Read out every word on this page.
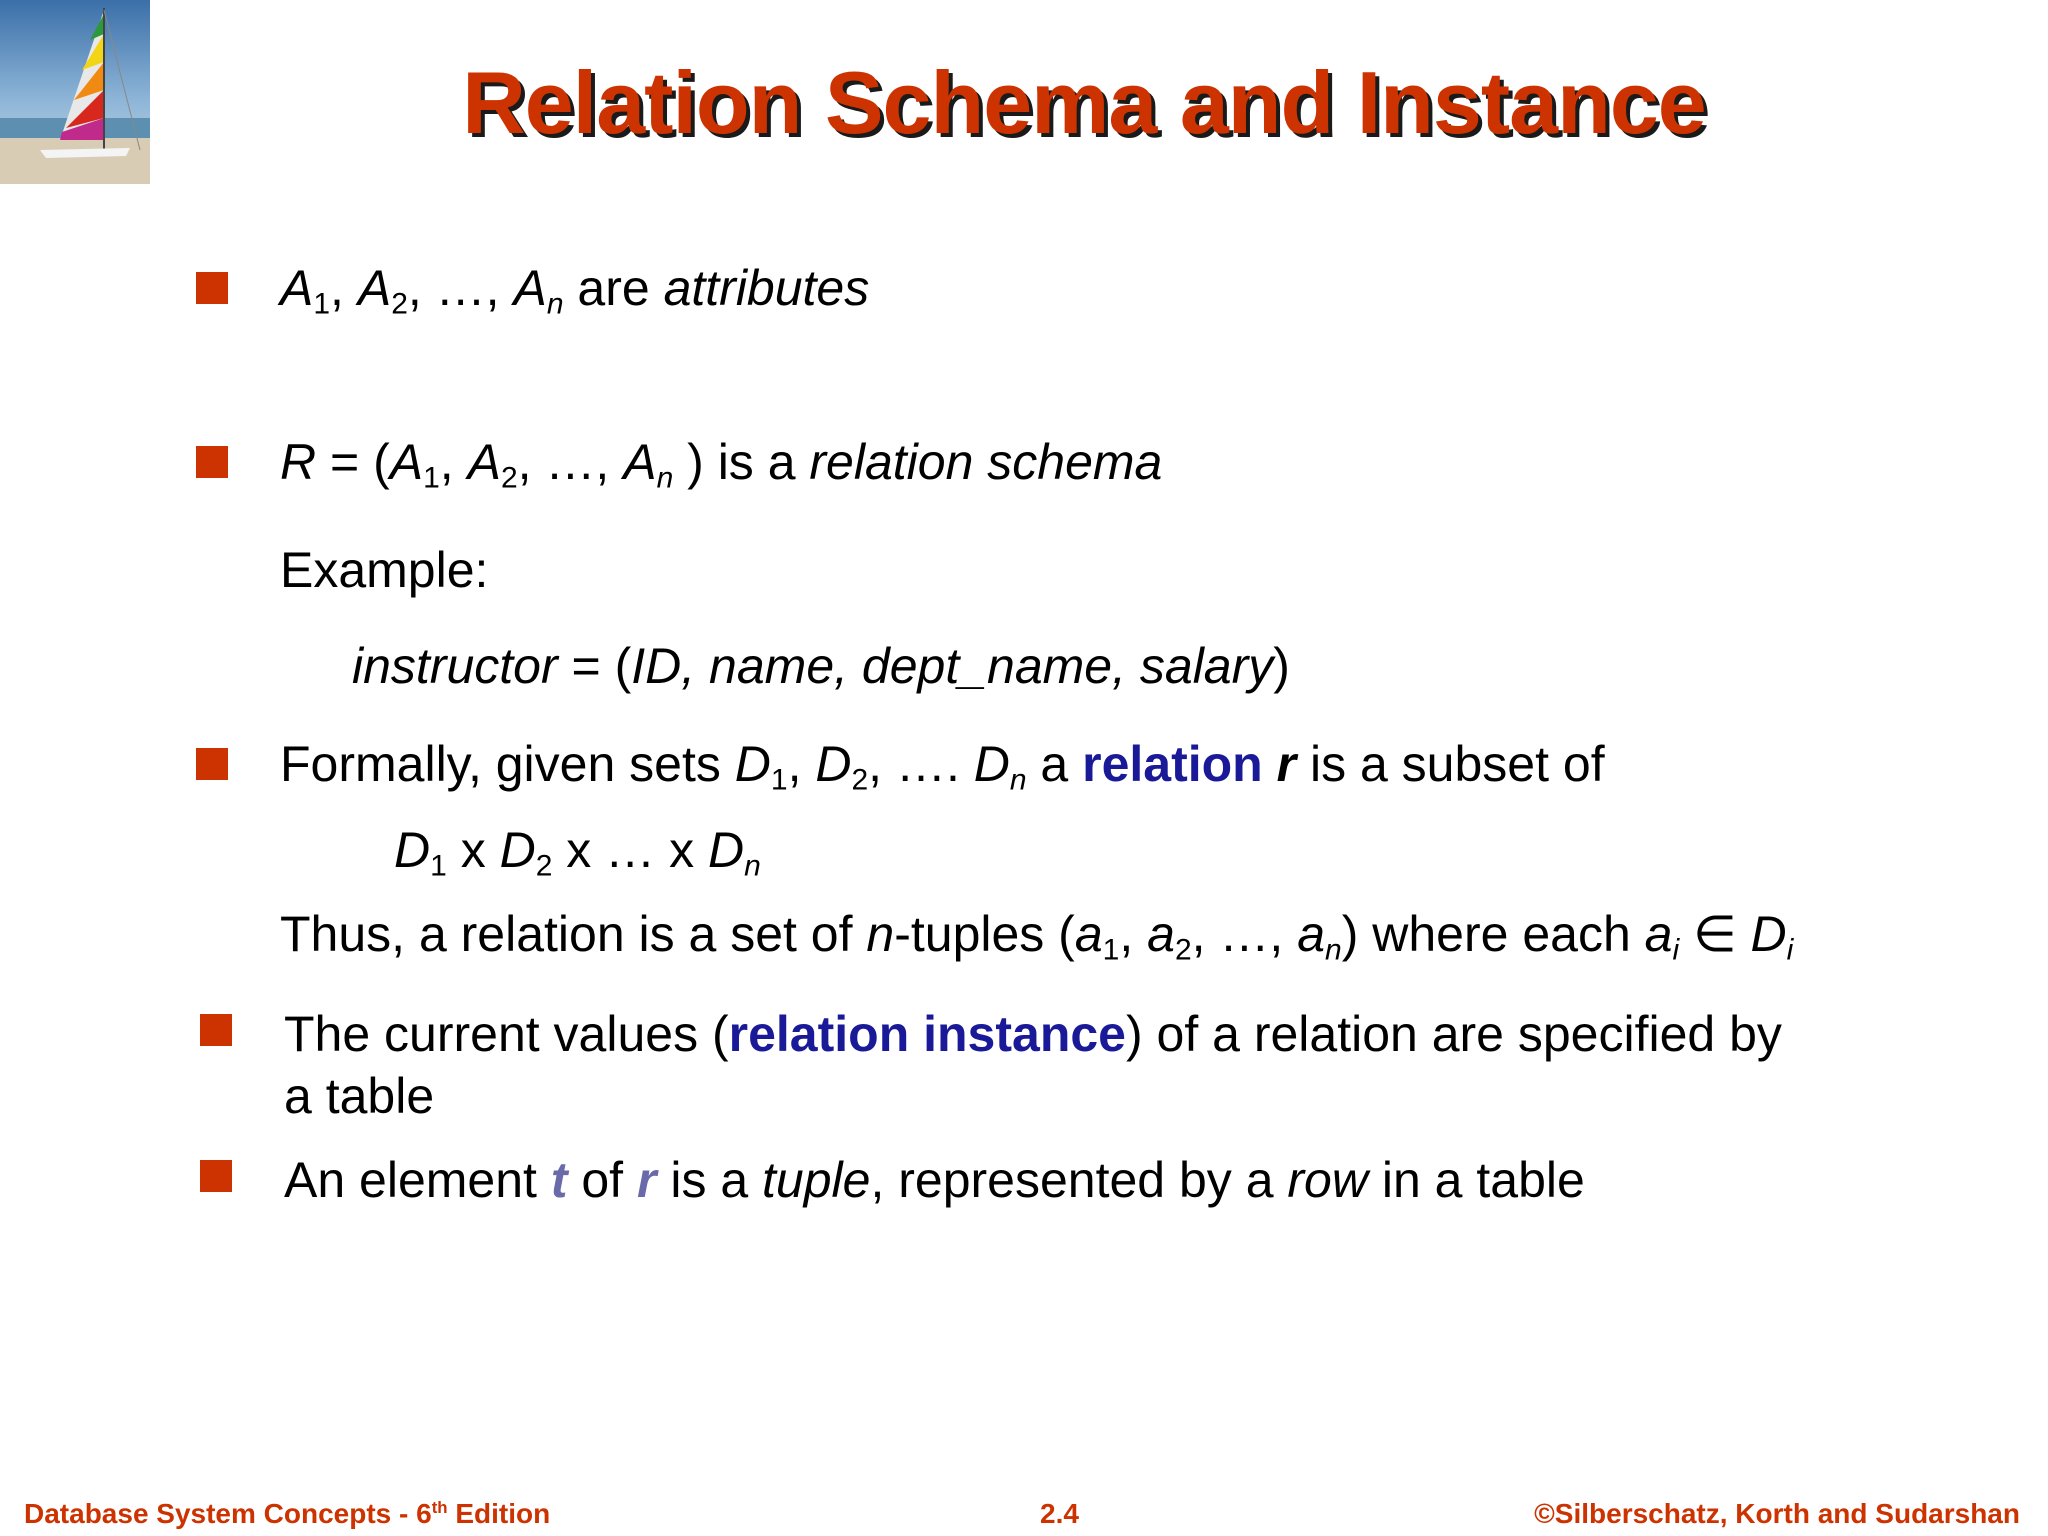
Relation Schema and Instance
$A_1$, $A_2$, …, $A_n$ are attributes
$R = (A_1$, $A_2$, …, $A_n$ ) is a relation schema
Example:
instructor = (ID, name, dept_name, salary)
Formally, given sets $D_1$, $D_2$, …. $D_n$ a relation r is a subset of
$D_1$ x $D_2$ x … x $D_n$
Thus, a relation is a set of n-tuples ($a_1$, $a_2$, …, $a_n$) where each $a_i$ ∈ $D_i$
The current values (relation instance) of a relation are specified by
a table
An element t of r is a tuple, represented by a row in a table
Database System Concepts - 6th Edition	2.4	©Silberschatz, Korth and Sudarshan
